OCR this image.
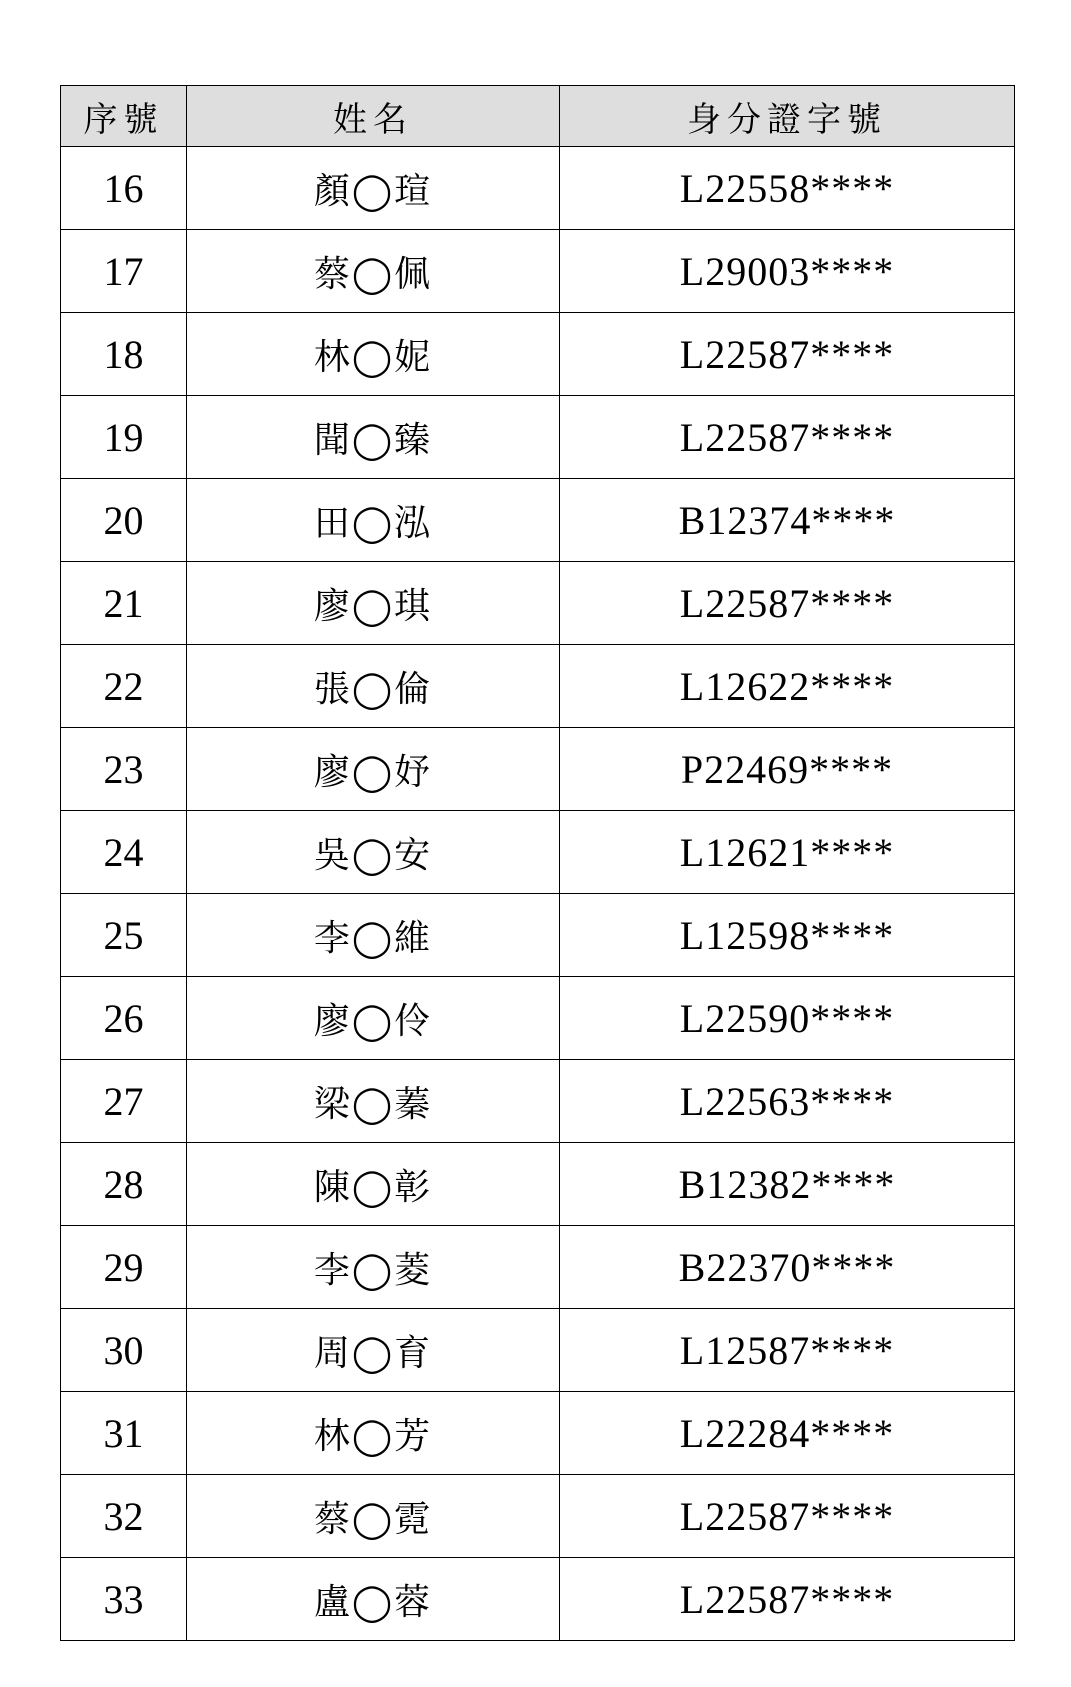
序號	姓名	身分證字號
16	顏◯瑄	L22558****
17	蔡◯佩	L29003****
18	林◯妮	L22587****
19	聞◯臻	L22587****
20	田◯泓	B12374****
21	廖◯琪	L22587****
22	張◯倫	L12622****
23	廖◯妤	P22469****
24	吳◯安	L12621****
25	李◯維	L12598****
26	廖◯伶	L22590****
27	梁◯蓁	L22563****
28	陳◯彰	B12382****
29	李◯菱	B22370****
30	周◯育	L12587****
31	林◯芳	L22284****
32	蔡◯霓	L22587****
33	盧◯蓉	L22587****
